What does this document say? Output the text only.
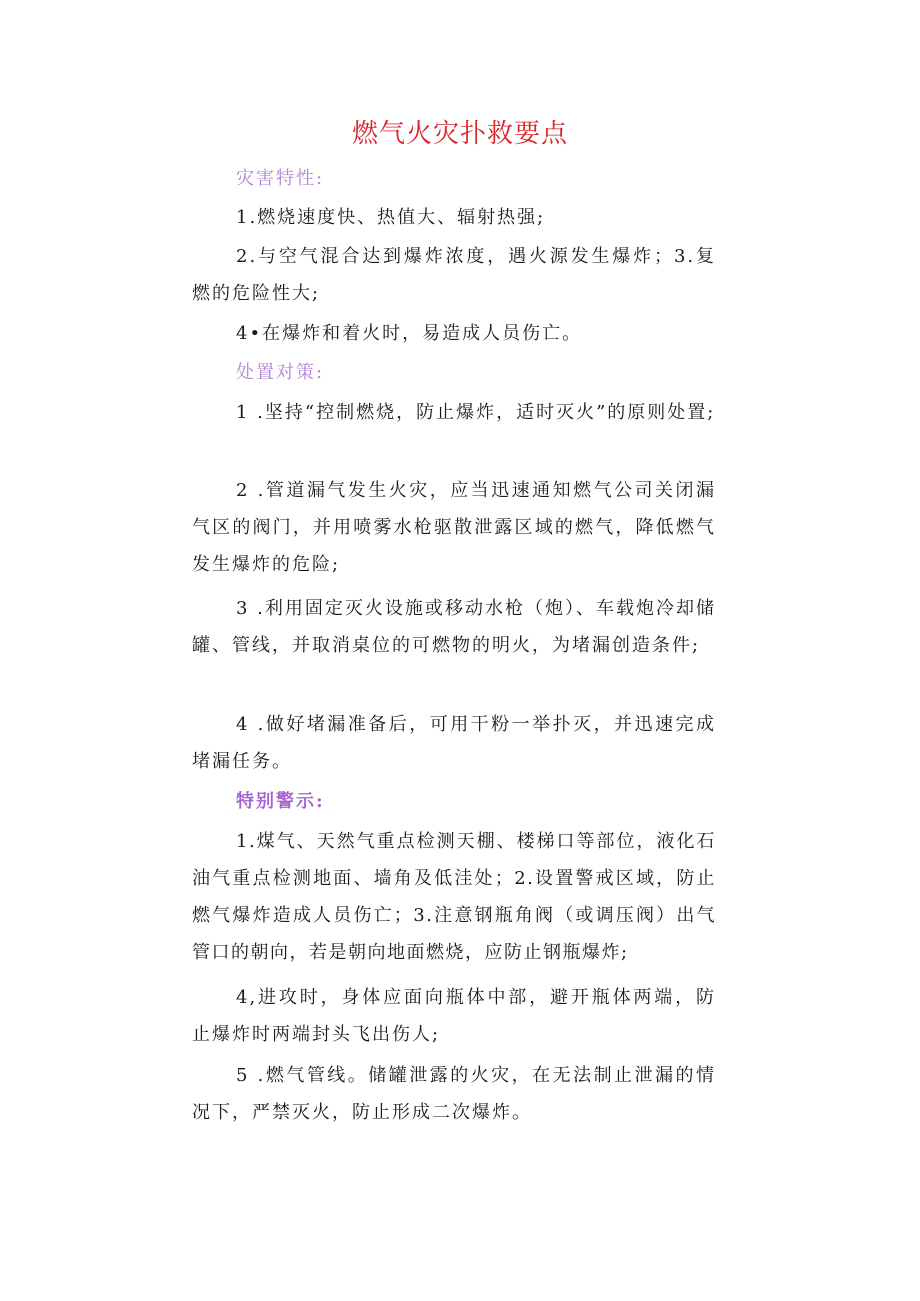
燃气火灾扑救要点
灾害特性:

1.燃烧速度快、热值大、辐射热强;

2.与空气混合达到爆炸浓度，遇火源发生爆炸；3.复燃的危险性大;

4•在爆炸和着火时，易造成人员伤亡。

处置对策:

1 .坚持“控制燃烧，防止爆炸，适时灭火”的原则处置;

2 .管道漏气发生火灾，应当迅速通知燃气公司关闭漏气区的阀门，并用喷雾水枪驱散泄露区域的燃气，降低燃气发生爆炸的危险;

3 .利用固定灭火设施或移动水枪（炮）、车载炮冷却储罐、管线，并取消桌位的可燃物的明火，为堵漏创造条件;

4 .做好堵漏准备后，可用干粉一举扑灭，并迅速完成堵漏任务。

特别警示:

1.煤气、天然气重点检测天棚、楼梯口等部位，液化石油气重点检测地面、墙角及低洼处；2.设置警戒区域，防止燃气爆炸造成人员伤亡；3.注意钢瓶角阀（或调压阀）出气管口的朝向，若是朝向地面燃烧，应防止钢瓶爆炸;

4,进攻时，身体应面向瓶体中部，避开瓶体两端，防止爆炸时两端封头飞出伤人;

5 .燃气管线。储罐泄露的火灾，在无法制止泄漏的情况下，严禁灭火，防止形成二次爆炸。
